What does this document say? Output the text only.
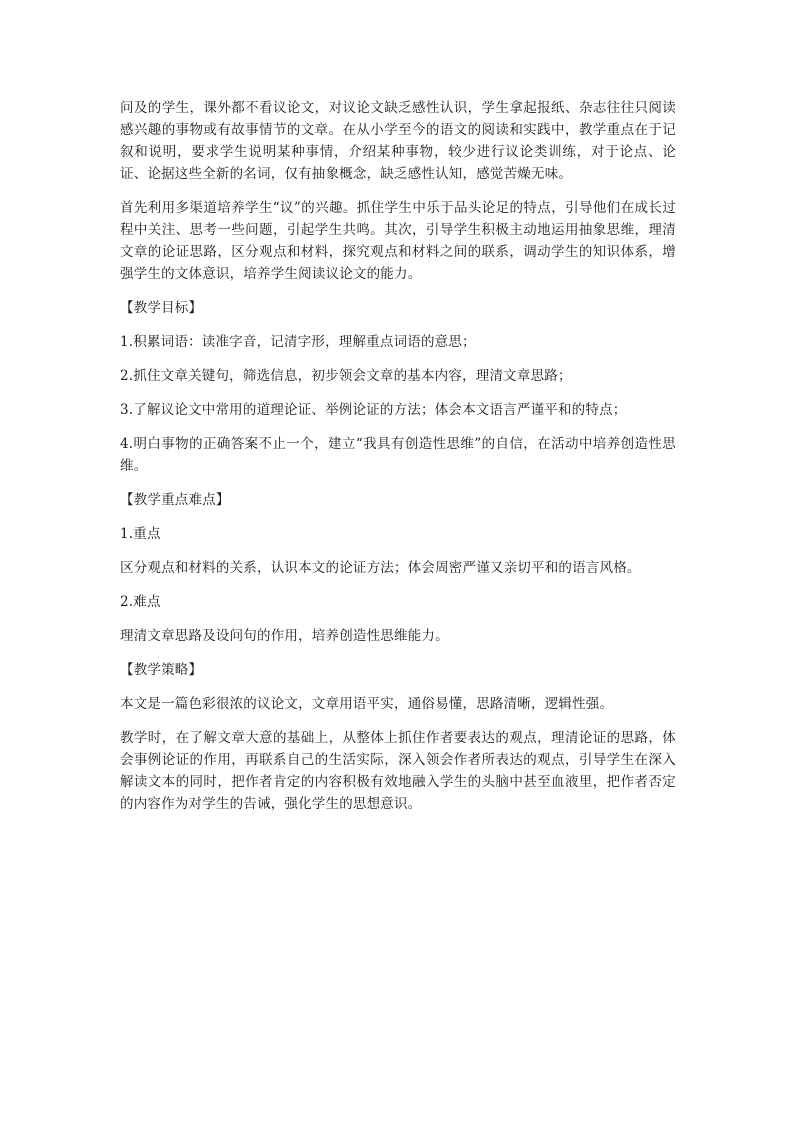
问及的学生，课外都不看议论文，对议论文缺乏感性认识，学生拿起报纸、杂志往往只阅读感兴趣的事物或有故事情节的文章。在从小学至今的语文的阅读和实践中，教学重点在于记叙和说明，要求学生说明某种事情，介绍某种事物，较少进行议论类训练，对于论点、论证、论据这些全新的名词，仅有抽象概念，缺乏感性认知，感觉苦燥无味。

首先利用多渠道培养学生“议”的兴趣。抓住学生中乐于品头论足的特点，引导他们在成长过程中关注、思考一些问题，引起学生共鸣。其次，引导学生积极主动地运用抽象思维，理清文章的论证思路，区分观点和材料，探究观点和材料之间的联系，调动学生的知识体系，增强学生的文体意识，培养学生阅读议论文的能力。

【教学目标】

1.积累词语：读准字音，记清字形，理解重点词语的意思；

2.抓住文章关键句，筛选信息，初步领会文章的基本内容，理清文章思路；

3.了解议论文中常用的道理论证、举例论证的方法；体会本文语言严谨平和的特点；

4.明白事物的正确答案不止一个，建立“我具有创造性思维”的自信，在活动中培养创造性思维。

【教学重点难点】

1.重点

区分观点和材料的关系，认识本文的论证方法；体会周密严谨又亲切平和的语言风格。

2.难点

理清文章思路及设问句的作用，培养创造性思维能力。

【教学策略】

本文是一篇色彩很浓的议论文，文章用语平实，通俗易懂，思路清晰，逻辑性强。

教学时，在了解文章大意的基础上，从整体上抓住作者要表达的观点，理清论证的思路，体会事例论证的作用，再联系自己的生活实际，深入领会作者所表达的观点，引导学生在深入解读文本的同时，把作者肯定的内容积极有效地融入学生的头脑中甚至血液里，把作者否定的内容作为对学生的告诫，强化学生的思想意识。
